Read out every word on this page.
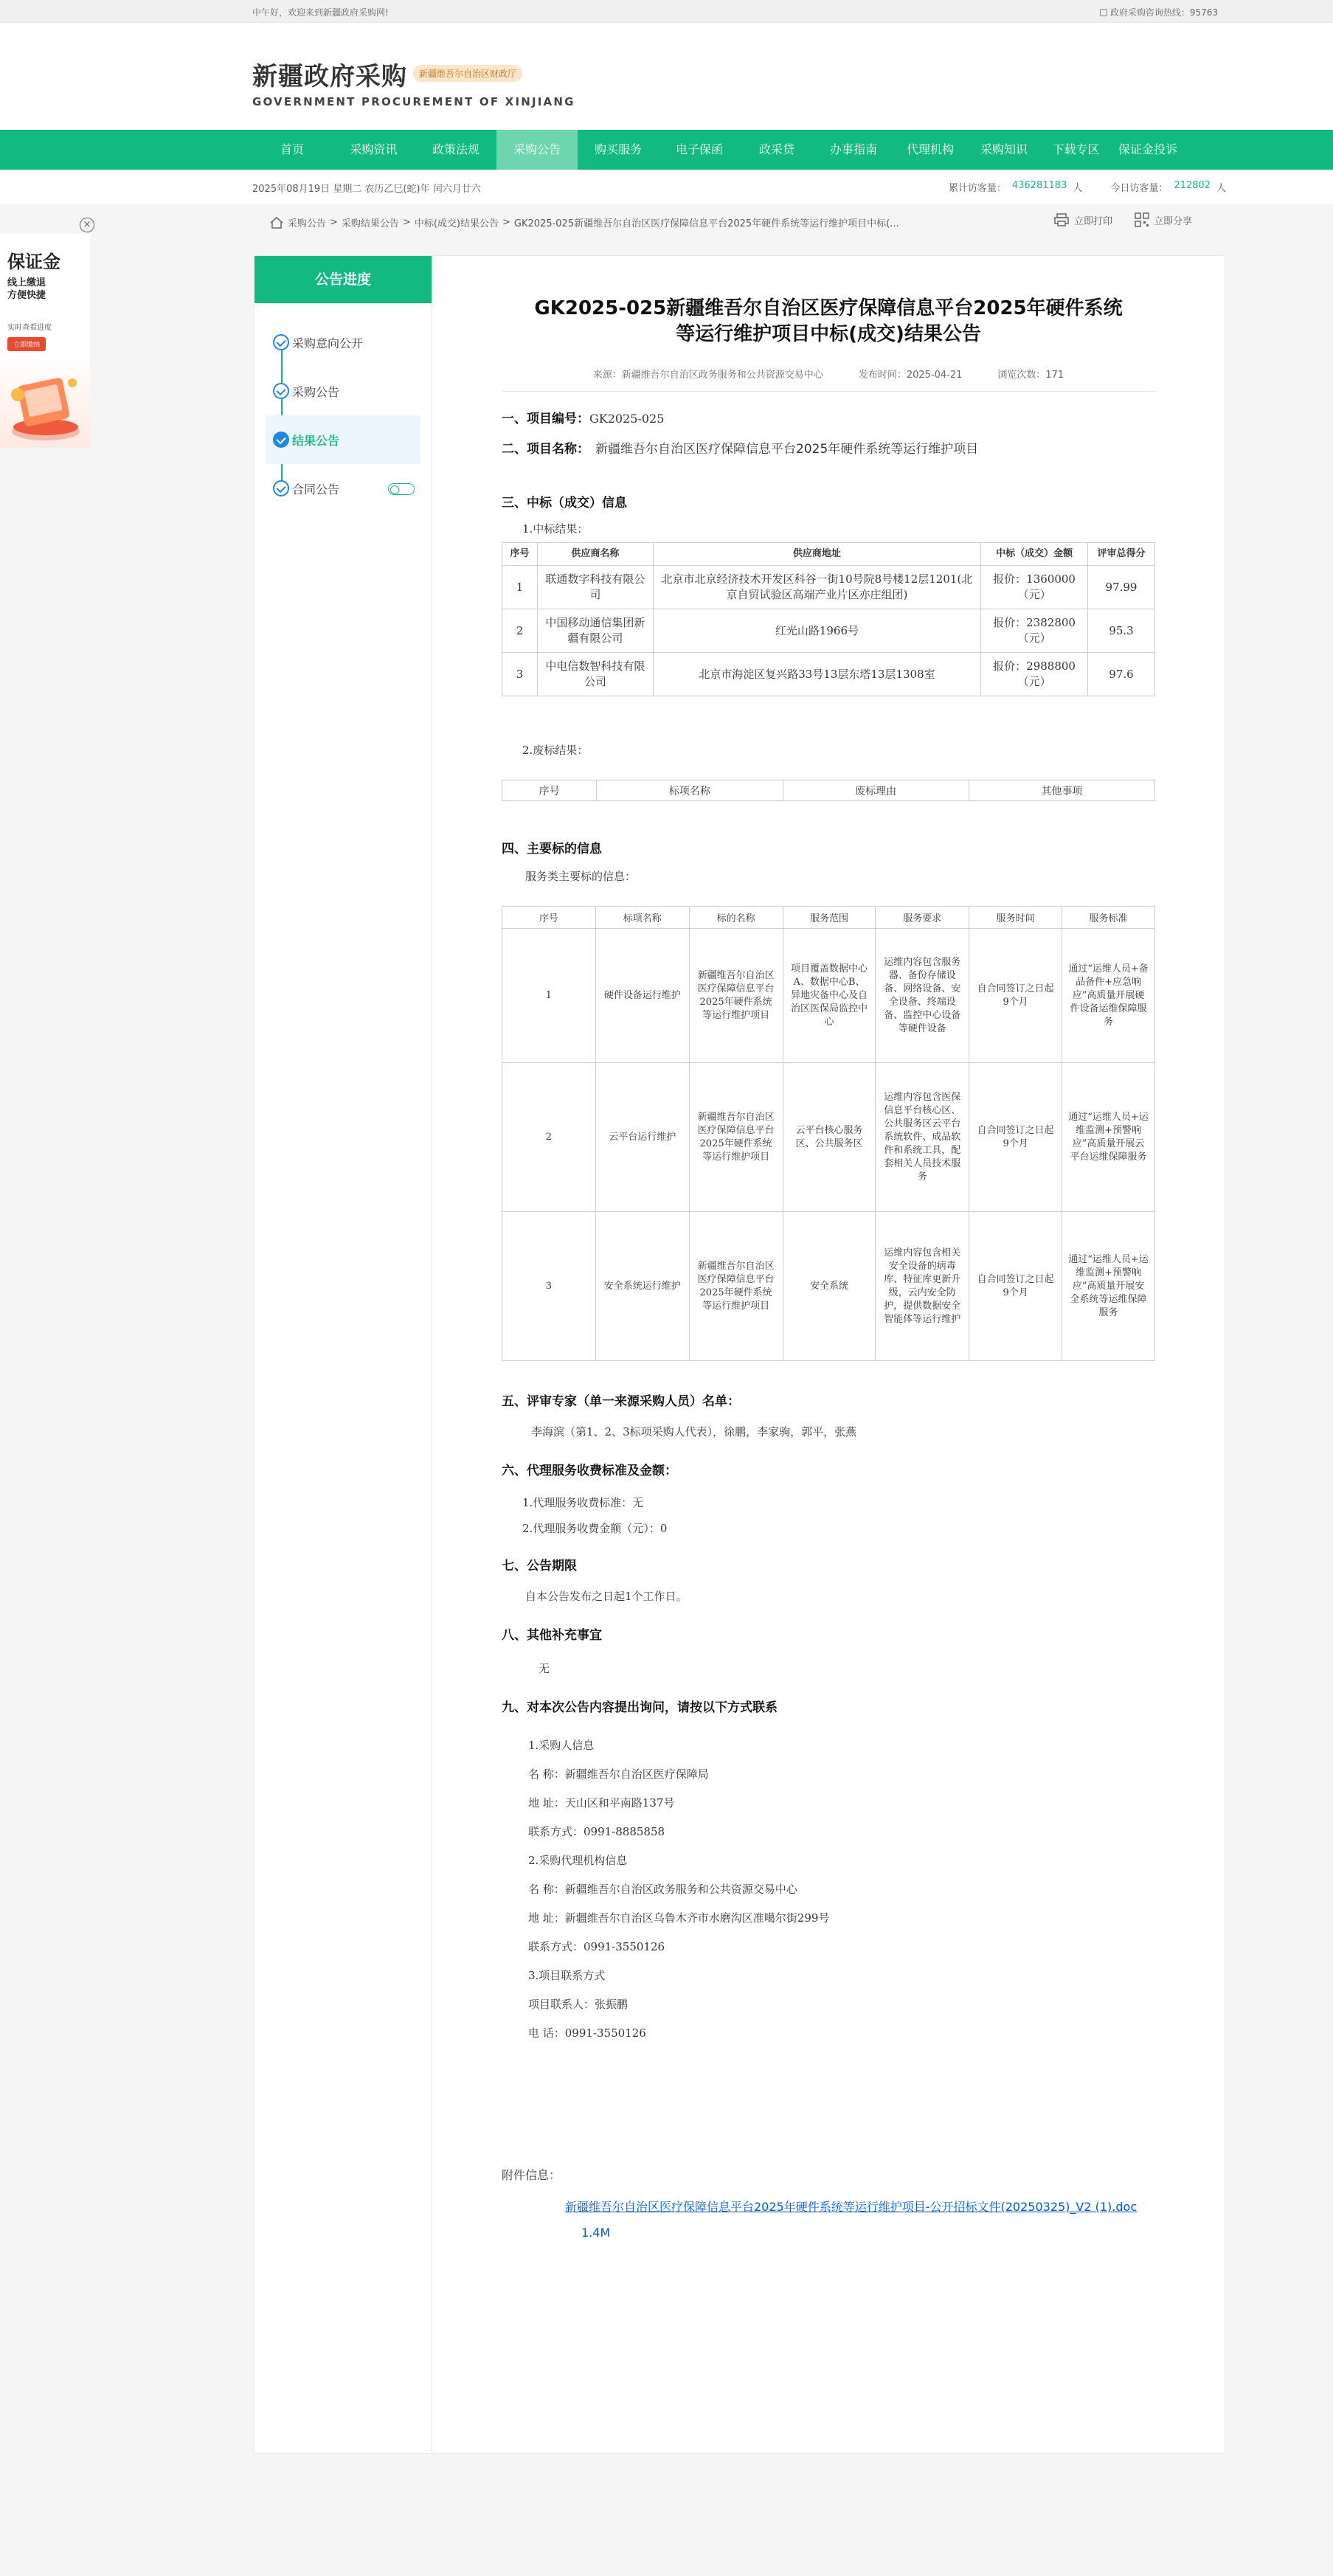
中午好，欢迎来到新疆政府采购网!	政府采购咨询热线：95763
新疆政府采购
GOVERNMENT PROCUREMENT OF XINJIANG
新疆维吾尔自治区财政厅
首页	采购资讯	政策法规	采购公告	购买服务	电子保函	政采贷	办事指南	代理机构	采购知识	下载专区	保证金投诉
2025年08月19日 星期二 农历乙巳(蛇)年 闰六月廿六	累计访客量： 436281183 人	今日访客量： 212802 人
×
保证金
线上缴退
方便快捷
实时查看进度
立即缴纳
采购公告 > 采购结果公告 > 中标(成交)结果公告 > GK2025-025新疆维吾尔自治区医疗保障信息平台2025年硬件系统等运行维护项目中标(...	立即打印	立即分享
公告进度
采购意向公开
采购公告
结果公告
合同公告
GK2025-025新疆维吾尔自治区医疗保障信息平台2025年硬件系统等运行维护项目中标(成交)结果公告
来源：新疆维吾尔自治区政务服务和公共资源交易中心	发布时间：2025-04-21	浏览次数：171
一、项目编号： GK2025-025
二、项目名称： 新疆维吾尔自治区医疗保障信息平台2025年硬件系统等运行维护项目
三、中标（成交）信息
1.中标结果：
序号	供应商名称	供应商地址	中标（成交）金额	评审总得分
1	联通数字科技有限公司	北京市北京经济技术开发区科谷一街10号院8号楼12层1201(北京自贸试验区高端产业片区亦庄组团)	报价：1360000（元）	97.99
2	中国移动通信集团新疆有限公司	红光山路1966号	报价：2382800（元）	95.3
3	中电信数智科技有限公司	北京市海淀区复兴路33号13层东塔13层1308室	报价：2988800（元）	97.6
2.废标结果：
序号	标项名称	废标理由	其他事项
四、主要标的信息
服务类主要标的信息：
序号	标项名称	标的名称	服务范围	服务要求	服务时间	服务标准
1	硬件设备运行维护	新疆维吾尔自治区医疗保障信息平台2025年硬件系统等运行维护项目	项目覆盖数据中心A、数据中心B、异地灾备中心及自治区医保局监控中心	运维内容包含服务器、备份存储设备、网络设备、安全设备、终端设备、监控中心设备等硬件设备	自合同签订之日起9个月	通过“运维人员+备品备件+应急响应”高质量开展硬件设备运维保障服务
2	云平台运行维护	新疆维吾尔自治区医疗保障信息平台2025年硬件系统等运行维护项目	云平台核心服务区、公共服务区	运维内容包含医保信息平台核心区、公共服务区云平台系统软件、成品软件和系统工具，配套相关人员技术服务	自合同签订之日起9个月	通过“运维人员+运维监测+预警响应”高质量开展云平台运维保障服务
3	安全系统运行维护	新疆维吾尔自治区医疗保障信息平台2025年硬件系统等运行维护项目	安全系统	运维内容包含相关安全设备的病毒库、特征库更新升级，云内安全防护，提供数据安全智能体等运行维护	自合同签订之日起9个月	通过“运维人员+运维监测+预警响应”高质量开展安全系统等运维保障服务
五、评审专家（单一来源采购人员）名单：
李海滨（第1、2、3标项采购人代表），徐鹏，李家驹，郭平，张燕
六、代理服务收费标准及金额：
1.代理服务收费标准：无
2.代理服务收费金额（元）：0
七、公告期限
自本公告发布之日起1个工作日。
八、其他补充事宜
无
九、对本次公告内容提出询问，请按以下方式联系
1.采购人信息
名 称：新疆维吾尔自治区医疗保障局
地 址：天山区和平南路137号
联系方式：0991-8885858
2.采购代理机构信息
名 称：新疆维吾尔自治区政务服务和公共资源交易中心
地 址：新疆维吾尔自治区乌鲁木齐市水磨沟区准噶尔街299号
联系方式：0991-3550126
3.项目联系方式
项目联系人：张振鹏
电 话：0991-3550126
附件信息：
新疆维吾尔自治区医疗保障信息平台2025年硬件系统等运行维护项目-公开招标文件(20250325)_V2 (1).doc
1.4M
